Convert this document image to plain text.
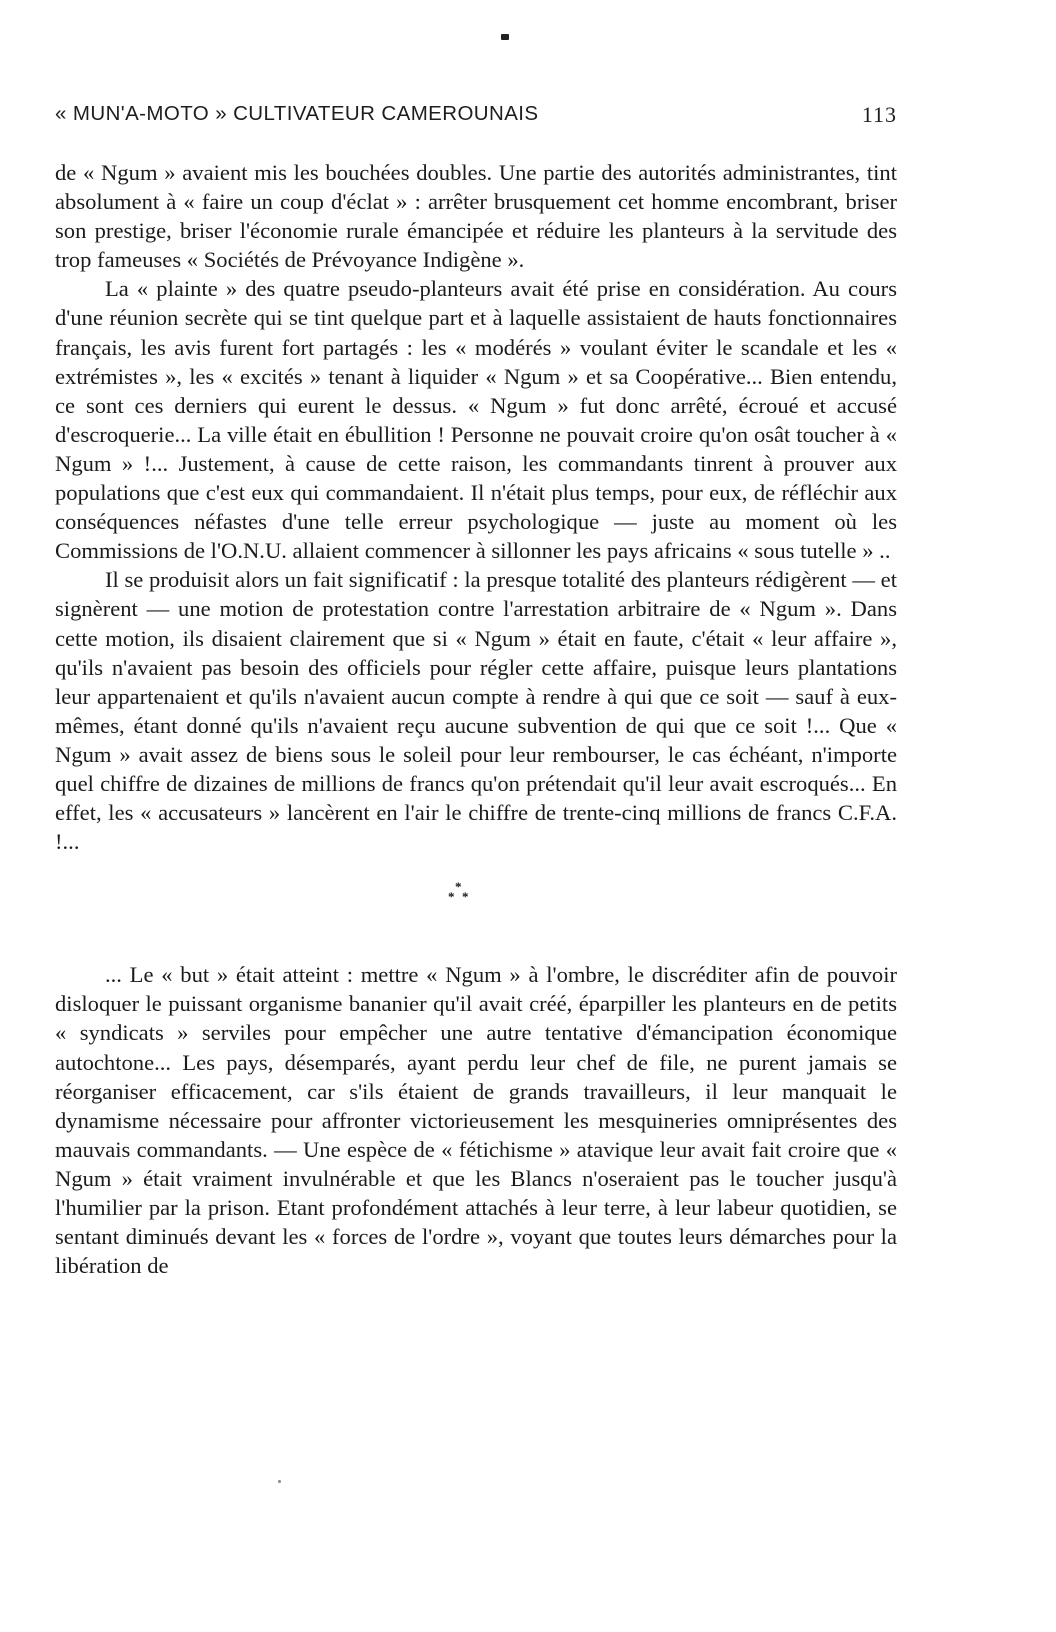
« MUN'A-MOTO » CULTIVATEUR CAMEROUNAIS	113

de « Ngum » avaient mis les bouchées doubles. Une partie des autorités administrantes, tint absolument à « faire un coup d'éclat » : arrêter brusquement cet homme encombrant, briser son prestige, briser l'économie rurale émancipée et réduire les planteurs à la servitude des trop fameuses « Sociétés de Prévoyance Indigène ».

La « plainte » des quatre pseudo-planteurs avait été prise en considération. Au cours d'une réunion secrète qui se tint quelque part et à laquelle assistaient de hauts fonctionnaires français, les avis furent fort partagés : les « modérés » voulant éviter le scandale et les « extrémistes », les « excités » tenant à liquider « Ngum » et sa Coopérative... Bien entendu, ce sont ces derniers qui eurent le dessus. « Ngum » fut donc arrêté, écroué et accusé d'escroquerie... La ville était en ébullition ! Personne ne pouvait croire qu'on osât toucher à « Ngum » !... Justement, à cause de cette raison, les commandants tinrent à prouver aux populations que c'est eux qui commandaient. Il n'était plus temps, pour eux, de réfléchir aux conséquences néfastes d'une telle erreur psychologique — juste au moment où les Commissions de l'O.N.U. allaient commencer à sillonner les pays africains « sous tutelle » ..

Il se produisit alors un fait significatif : la presque totalité des planteurs rédigèrent — et signèrent — une motion de protestation contre l'arrestation arbitraire de « Ngum ». Dans cette motion, ils disaient clairement que si « Ngum » était en faute, c'était « leur affaire », qu'ils n'avaient pas besoin des officiels pour régler cette affaire, puisque leurs plantations leur appartenaient et qu'ils n'avaient aucun compte à rendre à qui que ce soit — sauf à eux-mêmes, étant donné qu'ils n'avaient reçu aucune subvention de qui que ce soit !... Que « Ngum » avait assez de biens sous le soleil pour leur rembourser, le cas échéant, n'importe quel chiffre de dizaines de millions de francs qu'on prétendait qu'il leur avait escroqués... En effet, les « accusateurs » lancèrent en l'air le chiffre de trente-cinq millions de francs C.F.A. !...

*
* *

... Le « but » était atteint : mettre « Ngum » à l'ombre, le discréditer afin de pouvoir disloquer le puissant organisme bananier qu'il avait créé, éparpiller les planteurs en de petits « syndicats » serviles pour empêcher une autre tentative d'émancipation économique autochtone... Les pays, désemparés, ayant perdu leur chef de file, ne purent jamais se réorganiser efficacement, car s'ils étaient de grands travailleurs, il leur manquait le dynamisme nécessaire pour affronter victorieusement les mesquineries omniprésentes des mauvais commandants. — Une espèce de « fétichisme » atavique leur avait fait croire que « Ngum » était vraiment invulnérable et que les Blancs n'oseraient pas le toucher jusqu'à l'humilier par la prison. Etant profondément attachés à leur terre, à leur labeur quotidien, se sentant diminués devant les « forces de l'ordre », voyant que toutes leurs démarches pour la libération de
